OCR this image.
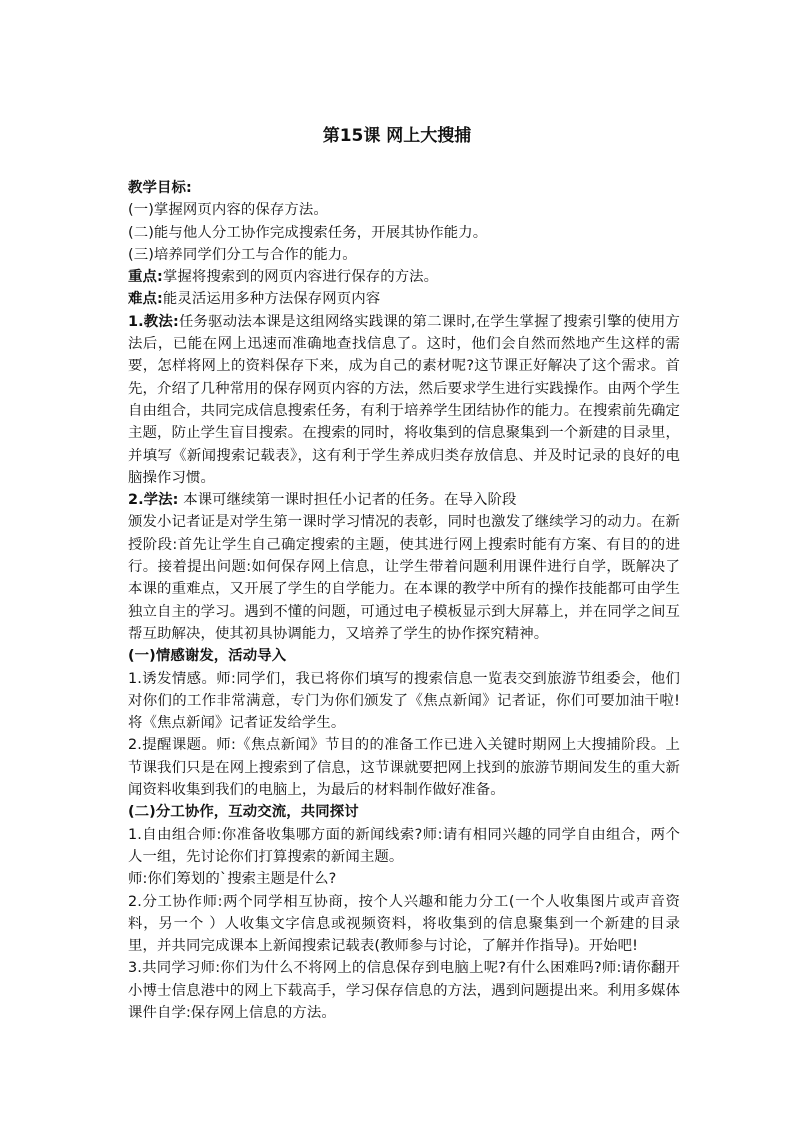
第15课 网上大搜捕

教学目标:

(一)掌握网页内容的保存方法。

(二)能与他人分工协作完成搜索任务，开展其协作能力。

(三)培养同学们分工与合作的能力。

重点:掌握将搜索到的网页内容进行保存的方法。

难点:能灵活运用多种方法保存网页内容

1.教法:任务驱动法本课是这组网络实践课的第二课时,在学生掌握了搜索引擎的使用方法后，已能在网上迅速而准确地查找信息了。这时，他们会自然而然地产生这样的需要，怎样将网上的资料保存下来，成为自己的素材呢?这节课正好解决了这个需求。首先，介绍了几种常用的保存网页内容的方法，然后要求学生进行实践操作。由两个学生自由组合，共同完成信息搜索任务，有利于培养学生团结协作的能力。在搜索前先确定主题，防止学生盲目搜索。在搜索的同时，将收集到的信息聚集到一个新建的目录里，并填写《新闻搜索记载表》，这有利于学生养成归类存放信息、并及时记录的良好的电脑操作习惯。

2.学法: 本课可继续第一课时担任小记者的任务。在导入阶段

颁发小记者证是对学生第一课时学习情况的表彰，同时也激发了继续学习的动力。在新授阶段:首先让学生自己确定搜索的主题，使其进行网上搜索时能有方案、有目的的进行。接着提出问题:如何保存网上信息，让学生带着问题利用课件进行自学，既解决了本课的重难点，又开展了学生的自学能力。在本课的教学中所有的操作技能都可由学生独立自主的学习。遇到不懂的问题，可通过电子模板显示到大屏幕上，并在同学之间互帮互助解决，使其初具协调能力，又培养了学生的协作探究精神。

(一)情感谢发，活动导入

1.诱发情感。师:同学们，我已将你们填写的搜索信息一览表交到旅游节组委会，他们对你们的工作非常满意，专门为你们颁发了《焦点新闻》记者证，你们可要加油干啦!将《焦点新闻》记者证发给学生。

2.提醒课题。师:《焦点新闻》节目的的准备工作已进入关键时期网上大搜捕阶段。上节课我们只是在网上搜索到了信息，这节课就要把网上找到的旅游节期间发生的重大新闻资料收集到我们的电脑上，为最后的材料制作做好准备。

(二)分工协作，互动交流，共同探讨

1.自由组合师:你准备收集哪方面的新闻线索?师:请有相同兴趣的同学自由组合，两个人一组，先讨论你们打算搜索的新闻主题。

师:你们筹划的`搜索主题是什么?

2.分工协作师:两个同学相互协商，按个人兴趣和能力分工(一个人收集图片或声音资料，另一个 ）人收集文字信息或视频资料，将收集到的信息聚集到一个新建的目录里，并共同完成课本上新闻搜索记载表(教师参与讨论，了解并作指导)。开始吧!

3.共同学习师:你们为什么不将网上的信息保存到电脑上呢?有什么困难吗?师:请你翻开小博士信息港中的网上下载高手，学习保存信息的方法，遇到问题提出来。利用多媒体课件自学:保存网上信息的方法。
